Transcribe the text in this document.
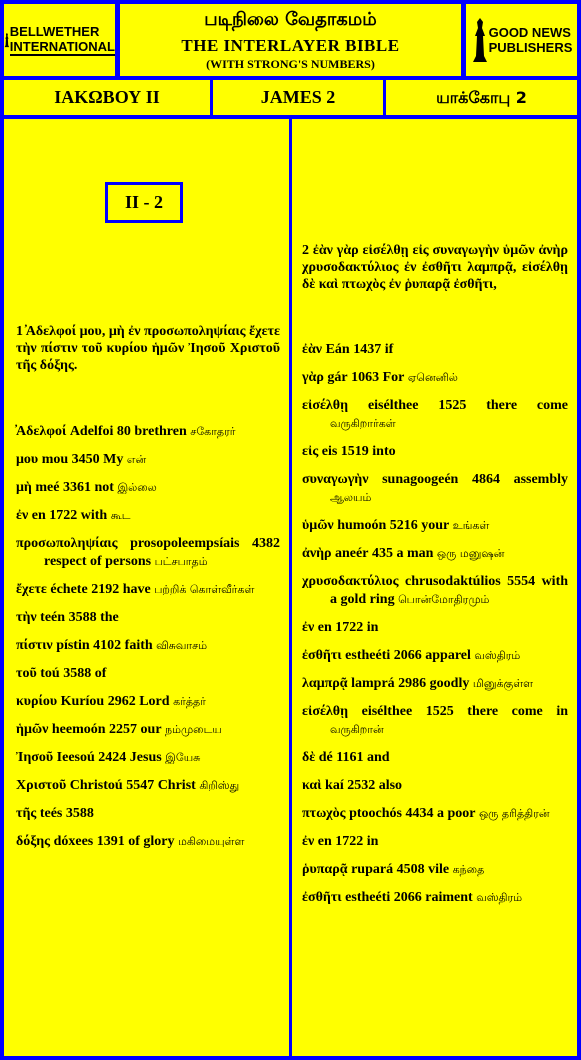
BELLWETHER
INTERNATIONAL
படிநிலை வேதாகமம்
THE INTERLAYER BIBLE
(WITH STRONG'S NUMBERS)
GOOD NEWS
PUBLISHERS
ΙΑΚΩΒΟΥ II	JAMES 2	யாக்கோபு 2
II - 2
1 ̓Αδελφοί μου, μὴ ἐν προσωποληψίαις ἔχετε τὴν πίστιν τοῦ κυρίου ἡμῶν Ἰησοῦ Χριστοῦ τῆς δόξης.
̓Αδελφοί Adelfoi 80 brethren சகோதரர்
μου mou 3450 My என்
μὴ meé 3361 not இல்லை
ἐν en 1722 with கூட
προσωποληψίαις prosopoleempsíais 4382 respect of persons பட்சபாதம்
ἔχετε échete 2192 have பற்றிக் கொள்வீர்கள்
τὴν teén 3588 the
πίστιν pístin 4102 faith விசுவாசம்
τοῦ toú 3588 of
κυρίου Kuríou 2962 Lord கர்த்தர்
ἡμῶν heemoón 2257 our நம்முடைய
Ἰησοῦ Ieesoú 2424 Jesus இயேசு
Χριστοῦ Christoú 5547 Christ கிறிஸ்து
τῆς teés 3588
δόξης dóxees 1391 of glory மகிமையுள்ள
2 ἐὰν γὰρ εἰσέλθῃ εἰς συναγωγὴν ὑμῶν ἀνὴρ χρυσοδακτύλιος ἐν ἐσθῆτι λαμπρᾷ, εἰσέλθῃ δὲ καὶ πτωχὸς ἐν ῥυπαρᾷ ἐσθῆτι,
ἐὰν Eán 1437 if
γὰρ gár 1063 For ஏனெனில்
εἰσέλθῃ eisélthee 1525 there come வருகிறார்கள்
εἰς eis 1519 into
συναγωγὴν sunagoogeén 4864 assembly ஆலயம்
ὑμῶν humoón 5216 your உங்கள்
ἀνὴρ aneér 435 a man ஒரு மனுஷன்
χρυσοδακτύλιος chrusodaktúlios 5554 with a gold ring பொன்மோதிரமும்
ἐν en 1722 in
ἐσθῆτι estheéti 2066 apparel வஸ்திரம்
λαμπρᾷ lamprá 2986 goodly மினுக்குள்ள
εἰσέλθῃ eisélthee 1525 there come in வருகிறான்
δὲ dé 1161 and
καὶ kaí 2532 also
πτωχὸς ptoochós 4434 a poor ஒரு தரித்திரன்
ἐν en 1722 in
ῥυπαρᾷ rupará 4508 vile கந்தை
ἐσθῆτι estheéti 2066 raiment வஸ்திரம்
